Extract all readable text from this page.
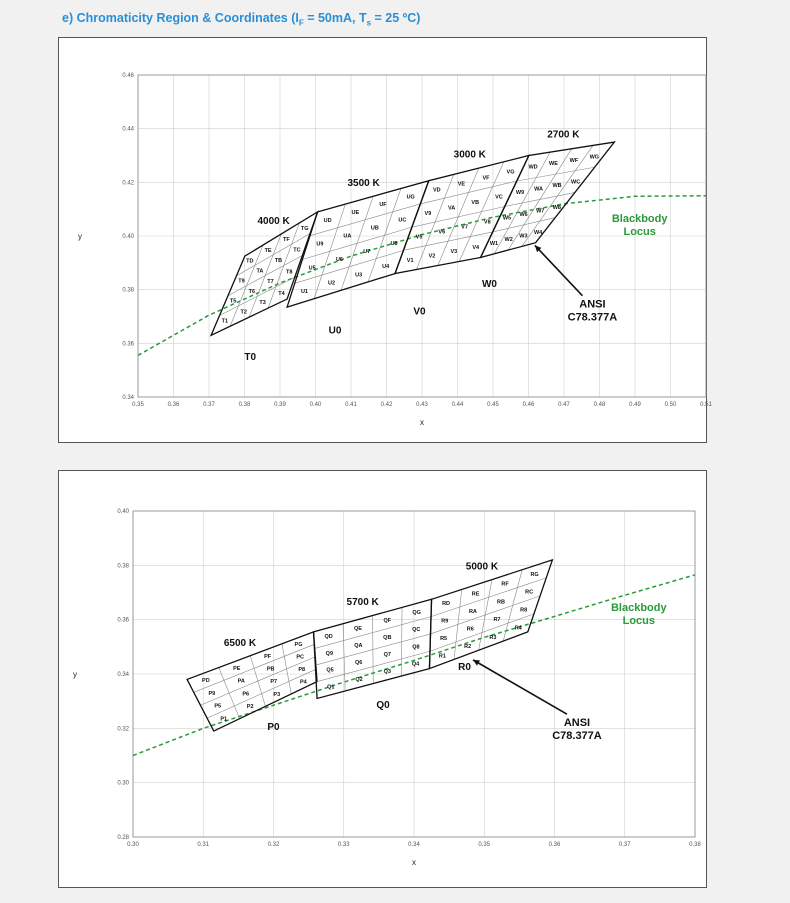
e) Chromaticity Region & Coordinates ($I_F = 50mA$, $T_s = 25$ ºC)
0.35	0.36	0.37	0.38	0.39	0.40	0.41	0.42	0.43	0.44	0.45	0.46	0.47	0.48	0.49	0.50	0.51
0.34
0.36
0.38
0.40
0.42
0.44
0.46
x
y
T1
T2
T3
T4
T5
T6
T7
T8
T9
TA
TB
TC
TD
TE
TF
TG
4000 K
U1
U2
U3
U4
U5
U6
U7
U8
U9
UA
UB
UC
UD
UE
UF
UG
3500 K
V1
V2
V3
V4
V5
V6
V7
V8
V9
VA
VB
VC
VD
VE
VF
VG
3000 K
W1
W2
W3
W4
W5
W6
W7
W8
W9
WA
WB
WC
WD
WE
WF
WG
2700 K
T0
U0
V0
W0
ANSI
C78.377A
Blackbody
Locus
0.30	0.31	0.32	0.33	0.34	0.35	0.36	0.37	0.38
0.28
0.30
0.32
0.34
0.36
0.38
0.40
x
y
P1
P2
P3
P4
P5
P6
P7
P8
P9
PA
PB
PC
PD
PE
PF
PG
6500 K
Q1
Q2
Q3
Q4
Q5
Q6
Q7
Q8
Q9
QA
QB
QC
QD
QE
QF
QG
5700 K
R1
R2
R3
R4
R5
R6
R7
R8
R9
RA
RB
RC
RD
RE
RF
RG
5000 K
P0
Q0
R0
ANSI
C78.377A
Blackbody
Locus
